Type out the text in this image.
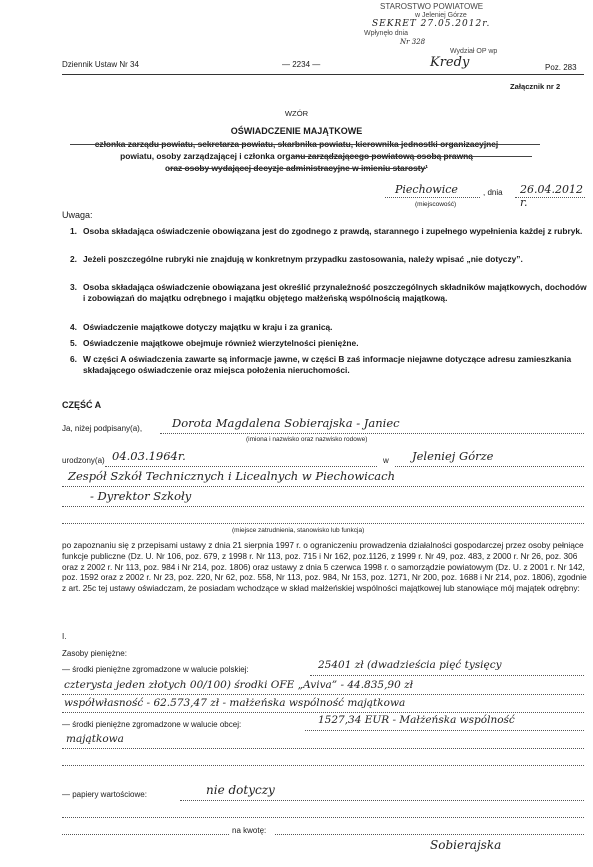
STAROSTWO POWIATOWE
w Jeleniej Górze
SEKRET 27.05.2012r.
Wpłynęło dnia
Nr 328
Wydział OP wp
Dziennik Ustaw Nr 34	— 2234 —	Kredy	Poz. 283
Załącznik nr 2
WZÓR
OŚWIADCZENIE MAJĄTKOWE
członka zarządu powiatu, sekretarza powiatu, skarbnika powiatu, kierownika jednostki organizacyjnej
powiatu, osoby zarządzającej i członka organu zarządzającego powiatową osobą prawną
oraz osoby wydającej decyzje administracyjne w imieniu starosty¹
Piechowice	, dnia 26.04.2012 r.
(miejscowość)
Uwaga:
1. Osoba składająca oświadczenie obowiązana jest do zgodnego z prawdą, starannego i zupełnego wypełnienia każdej z rubryk.
2. Jeżeli poszczególne rubryki nie znajdują w konkretnym przypadku zastosowania, należy wpisać „nie dotyczy”.
3. Osoba składająca oświadczenie obowiązana jest określić przynależność poszczególnych składników majątkowych, dochodów i zobowiązań do majątku odrębnego i majątku objętego małżeńską wspólnością majątkową.
4. Oświadczenie majątkowe dotyczy majątku w kraju i za granicą.
5. Oświadczenie majątkowe obejmuje również wierzytelności pieniężne.
6. W części A oświadczenia zawarte są informacje jawne, w części B zaś informacje niejawne dotyczące adresu zamieszkania składającego oświadczenie oraz miejsca położenia nieruchomości.
CZĘŚĆ A
Ja, niżej podpisany(a),	Dorota Magdalena Sobierajska - Janiec
(imiona i nazwisko oraz nazwisko rodowe)
urodzony(a) 04.03.1964r.	w Jeleniej Górze
Zespół Szkół Technicznych i Licealnych w Piechowicach
- Dyrektor Szkoły
(miejsce zatrudnienia, stanowisko lub funkcja)
po zapoznaniu się z przepisami ustawy z dnia 21 sierpnia 1997 r. o ograniczeniu prowadzenia działalności gospodarczej przez osoby pełniące funkcje publiczne (Dz. U. Nr 106, poz. 679, z 1998 r. Nr 113, poz. 715 i Nr 162, poz.1126, z 1999 r. Nr 49, poz. 483, z 2000 r. Nr 26, poz. 306 oraz z 2002 r. Nr 113, poz. 984 i Nr 214, poz. 1806) oraz ustawy z dnia 5 czerwca 1998 r. o samorządzie powiatowym (Dz. U. z 2001 r. Nr 142, poz. 1592 oraz z 2002 r. Nr 23, poz. 220, Nr 62, poz. 558, Nr 113, poz. 984, Nr 153, poz. 1271, Nr 200, poz. 1688 i Nr 214, poz. 1806), zgodnie z art. 25c tej ustawy oświadczam, że posiadam wchodzące w skład małżeńskiej wspólności majątkowej lub stanowiące mój majątek odrębny:
I.
Zasoby pieniężne:
— środki pieniężne zgromadzone w walucie polskiej:	25401 zł (dwadzieścia pięć tysięcy
czterysta jeden złotych 00/100) środki OFE „Aviva” - 44.835,90 zł
współwłasność - 62.573,47 zł - małżeńska wspólność majątkowa
— środki pieniężne zgromadzone w walucie obcej:	1527,34 EUR - Małżeńska wspólność
majątkowa
— papiery wartościowe:	nie dotyczy
na kwotę:
Sobierajska
